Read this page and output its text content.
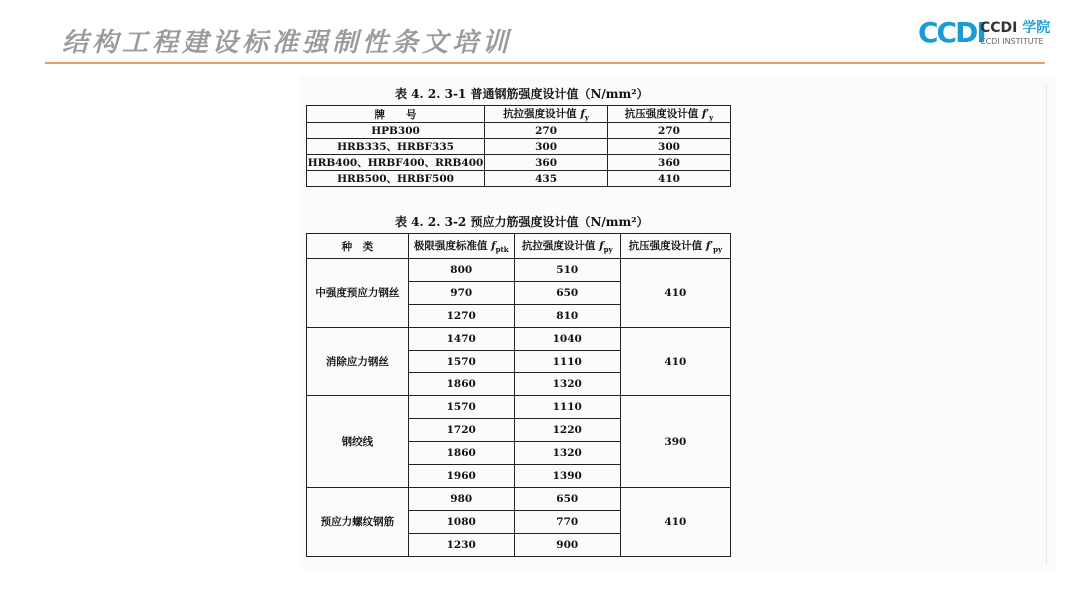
结构工程建设标准强制性条文培训	CCDI
CCDI 学院
CCDI INSTITUTE
表 4. 2. 3-1 普通钢筋强度设计值（N/mm²）
牌　　号	抗拉强度设计值 $f_y$	抗压强度设计值 $f'_y$
HPB300	270	270
HRB335、HRBF335	300	300
HRB400、HRBF400、RRB400	360	360
HRB500、HRBF500	435	410
表 4. 2. 3-2 预应力筋强度设计值（N/mm²）
种　类	极限强度标准值 $f_{ptk}$	抗拉强度设计值 $f_{py}$	抗压强度设计值 $f'_{py}$
中强度预应力钢丝	800	510	410
	970	650	
	1270	810	
消除应力钢丝	1470	1040	410
	1570	1110	
	1860	1320	
钢绞线	1570	1110	390
	1720	1220	
	1860	1320	
	1960	1390	
预应力螺纹钢筋	980	650	410
	1080	770	
	1230	900	
